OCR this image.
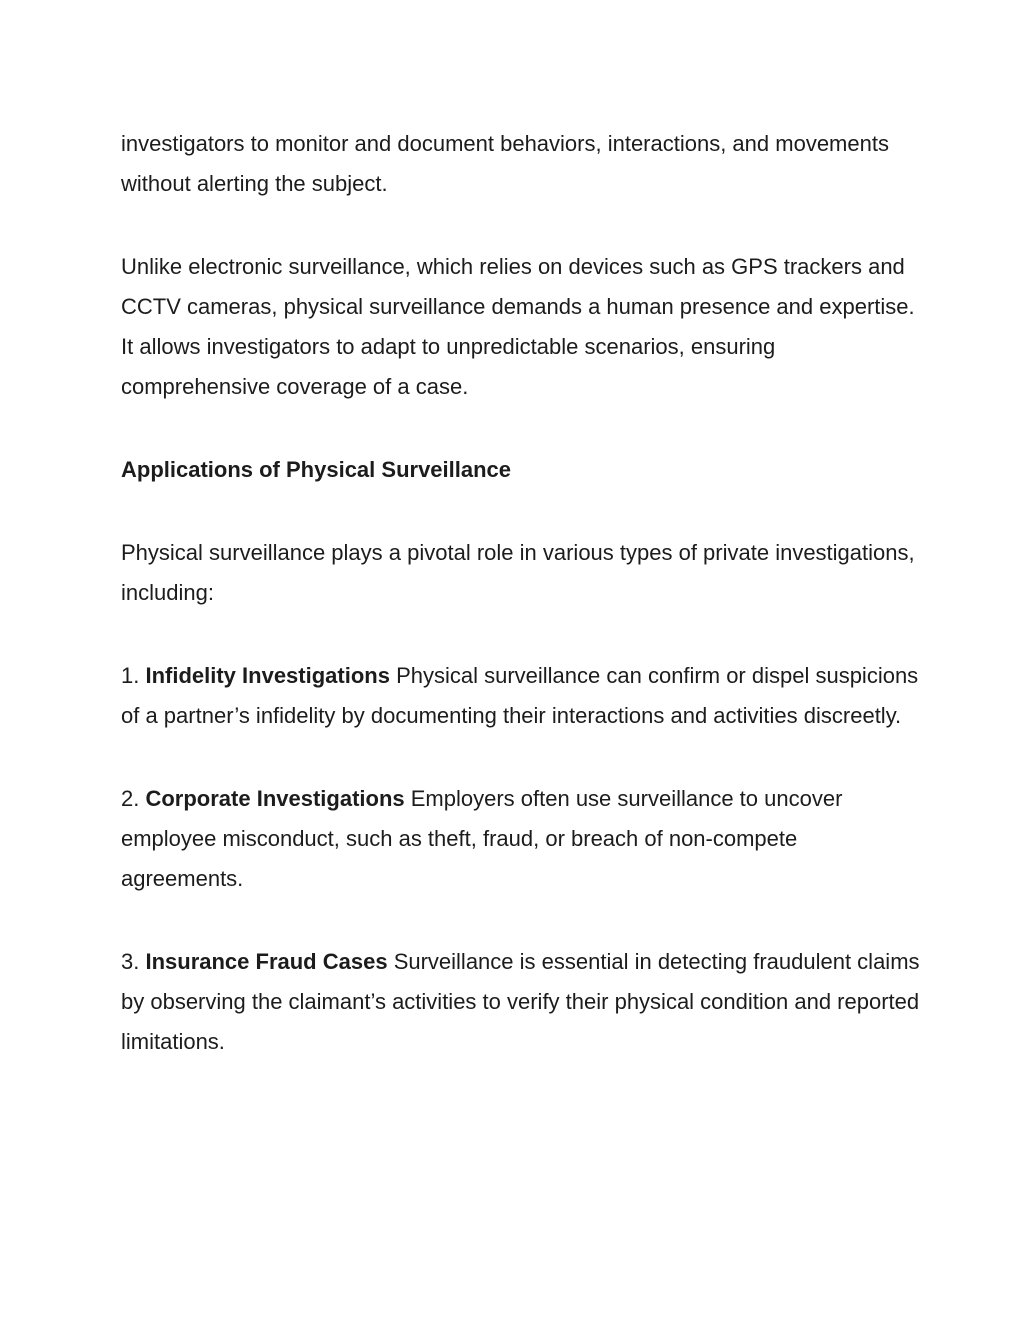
investigators to monitor and document behaviors, interactions, and movements without alerting the subject.

Unlike electronic surveillance, which relies on devices such as GPS trackers and CCTV cameras, physical surveillance demands a human presence and expertise. It allows investigators to adapt to unpredictable scenarios, ensuring comprehensive coverage of a case.

Applications of Physical Surveillance

Physical surveillance plays a pivotal role in various types of private investigations, including:

1. Infidelity Investigations Physical surveillance can confirm or dispel suspicions of a partner’s infidelity by documenting their interactions and activities discreetly.

2. Corporate Investigations Employers often use surveillance to uncover employee misconduct, such as theft, fraud, or breach of non-compete agreements.

3. Insurance Fraud Cases Surveillance is essential in detecting fraudulent claims by observing the claimant’s activities to verify their physical condition and reported limitations.
